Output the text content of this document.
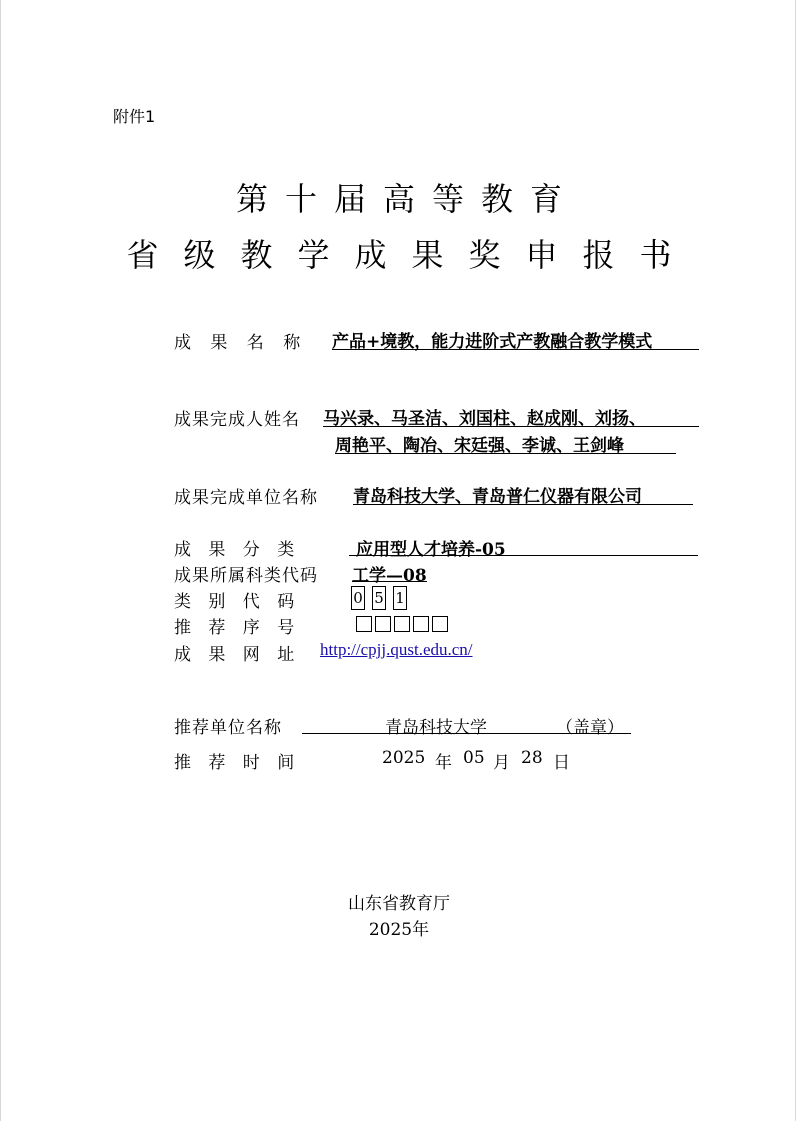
附件1
第十届高等教育
省级教学成果奖申报书
成 果 名 称 产品+境教，能力进阶式产教融合教学模式
成果完成人姓名 马兴录、马圣洁、刘国柱、赵成刚、刘扬、
周艳平、陶冶、宋廷强、李诚、王剑峰
成果完成单位名称 青岛科技大学、青岛普仁仪器有限公司
成 果 分 类	应用型人才培养-05
成果所属科类代码 工学—08
类 别 代 码	0 5 1
推 荐 序 号
成 果 网 址 http://cpjj.qust.edu.cn/
推荐单位名称	青岛科技大学	（盖章）
推 荐 时 间	2025 年 05 月 28 日
山东省教育厅
2025年
